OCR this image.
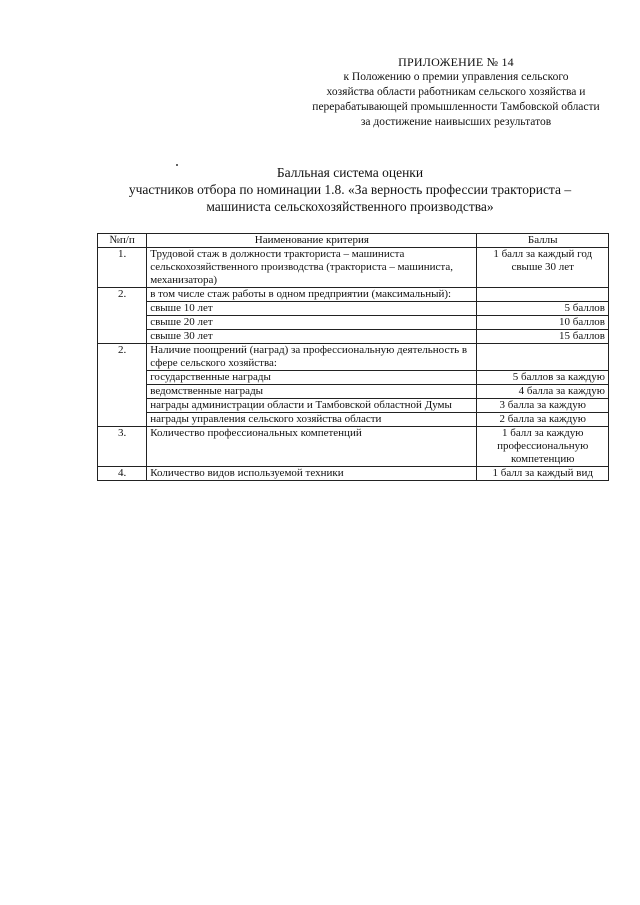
ПРИЛОЖЕНИЕ № 14
к Положению о премии управления сельского
хозяйства области работникам сельского хозяйства и
перерабатывающей промышленности Тамбовской области
за достижение наивысших результатов
Балльная система оценки
участников отбора по номинации 1.8. «За верность профессии тракториста –
машиниста сельскохозяйственного производства»
№п/п	Наименование критерия	Баллы
1.	Трудовой стаж в должности тракториста – машиниста сельскохозяйственного производства (тракториста – машиниста, механизатора)	1 балл за каждый год свыше 30 лет
2.	в том числе стаж работы в одном предприятии (максимальный):	
	свыше 10 лет	5 баллов
	свыше 20 лет	10 баллов
	свыше 30 лет	15 баллов
2.	Наличие поощрений (наград) за профессиональную деятельность в сфере сельского хозяйства:	
	государственные награды	5 баллов за каждую
	ведомственные награды	4 балла за каждую
	награды администрации области и Тамбовской областной Думы	3 балла за каждую
	награды управления сельского хозяйства области	2 балла за каждую
3.	Количество профессиональных компетенций	1 балл за каждую профессиональную компетенцию
4.	Количество видов используемой техники	1 балл за каждый вид
